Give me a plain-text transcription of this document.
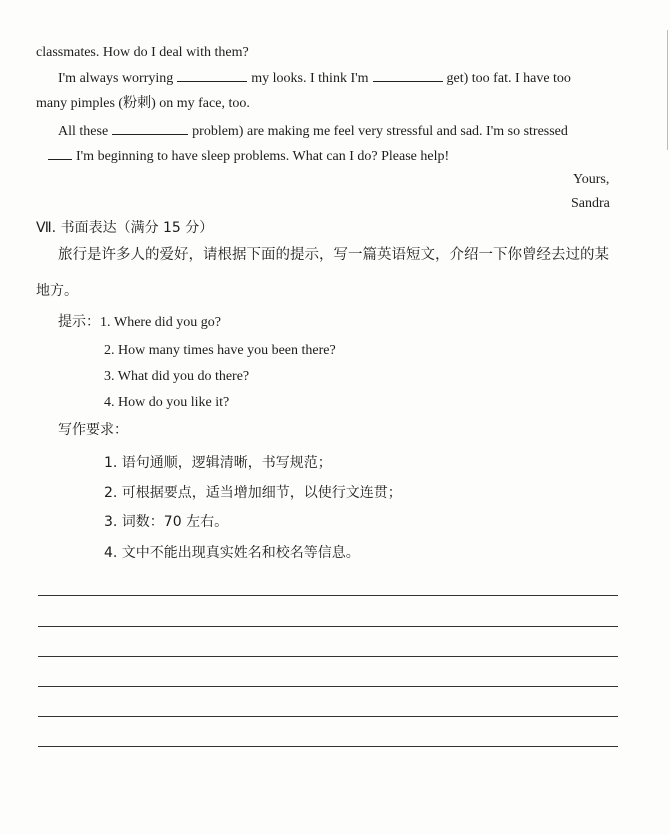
classmates. How do I deal with them?
I'm always worrying	my looks. I think I'm	get) too fat. I have too
many pimples (粉刺) on my face, too.
All these	problem) are making me feel very stressful and sad. I'm so stressed
I'm beginning to have sleep problems. What can I do? Please help!
Yours,
Sandra
Ⅶ. 书面表达（满分 15 分）
旅行是许多人的爱好，请根据下面的提示，写一篇英语短文，介绍一下你曾经去过的某
地方。
提示：1. Where did you go?
2. How many times have you been there?
3. What did you do there?
4. How do you like it?
写作要求：
1. 语句通顺，逻辑清晰，书写规范；
2. 可根据要点，适当增加细节，以使行文连贯；
3. 词数：70 左右。
4. 文中不能出现真实姓名和校名等信息。
